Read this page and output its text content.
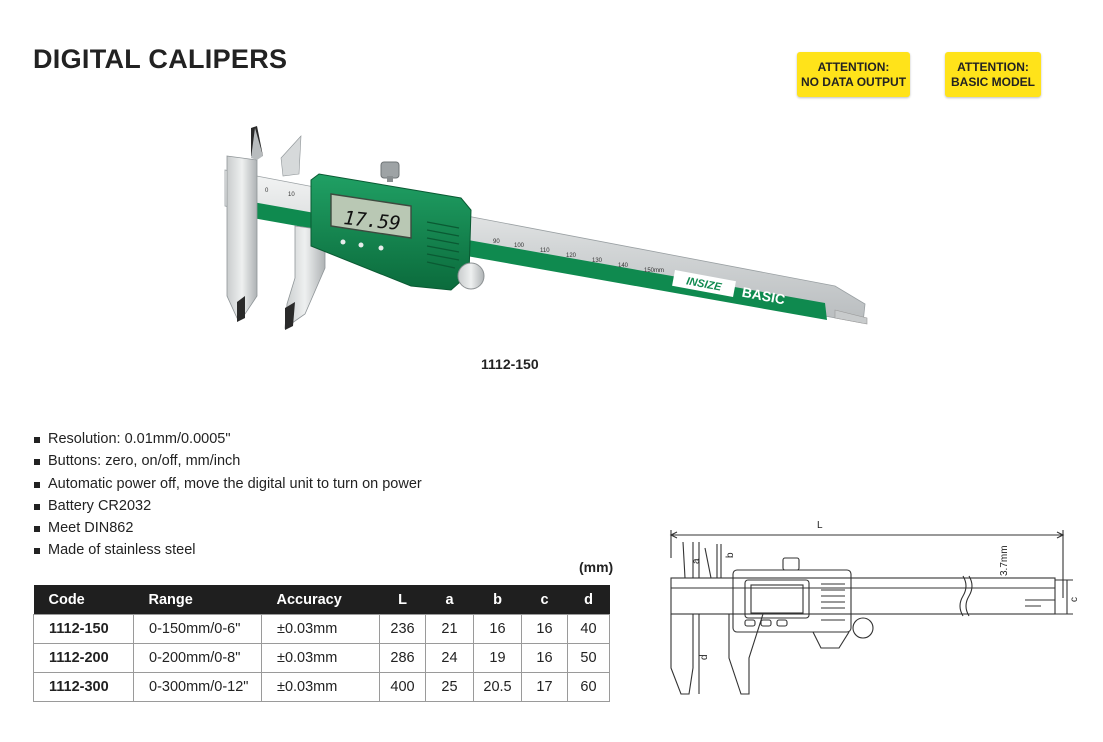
DIGITAL CALIPERS	ATTENTION:
NO DATA OUTPUT
ATTENTION:
BASIC MODEL
INSIZE BASIC
0
10
90
100
110
120
130
140
150mm
17.59
1112-150
Resolution: 0.01mm/0.0005"
Buttons: zero, on/off, mm/inch
Automatic power off, move the digital unit to turn on power
Battery CR2032
Meet DIN862
Made of stainless steel
(mm)
Code	Range	Accuracy	L	a	b	c	d
1112-150	0-150mm/0-6"	±0.03mm	236	21	16	16	40
1112-200	0-200mm/0-8"	±0.03mm	286	24	19	16	50
1112-300	0-300mm/0-12"	±0.03mm	400	25	20.5	17	60
L
a
b
c
d
3.7mm
